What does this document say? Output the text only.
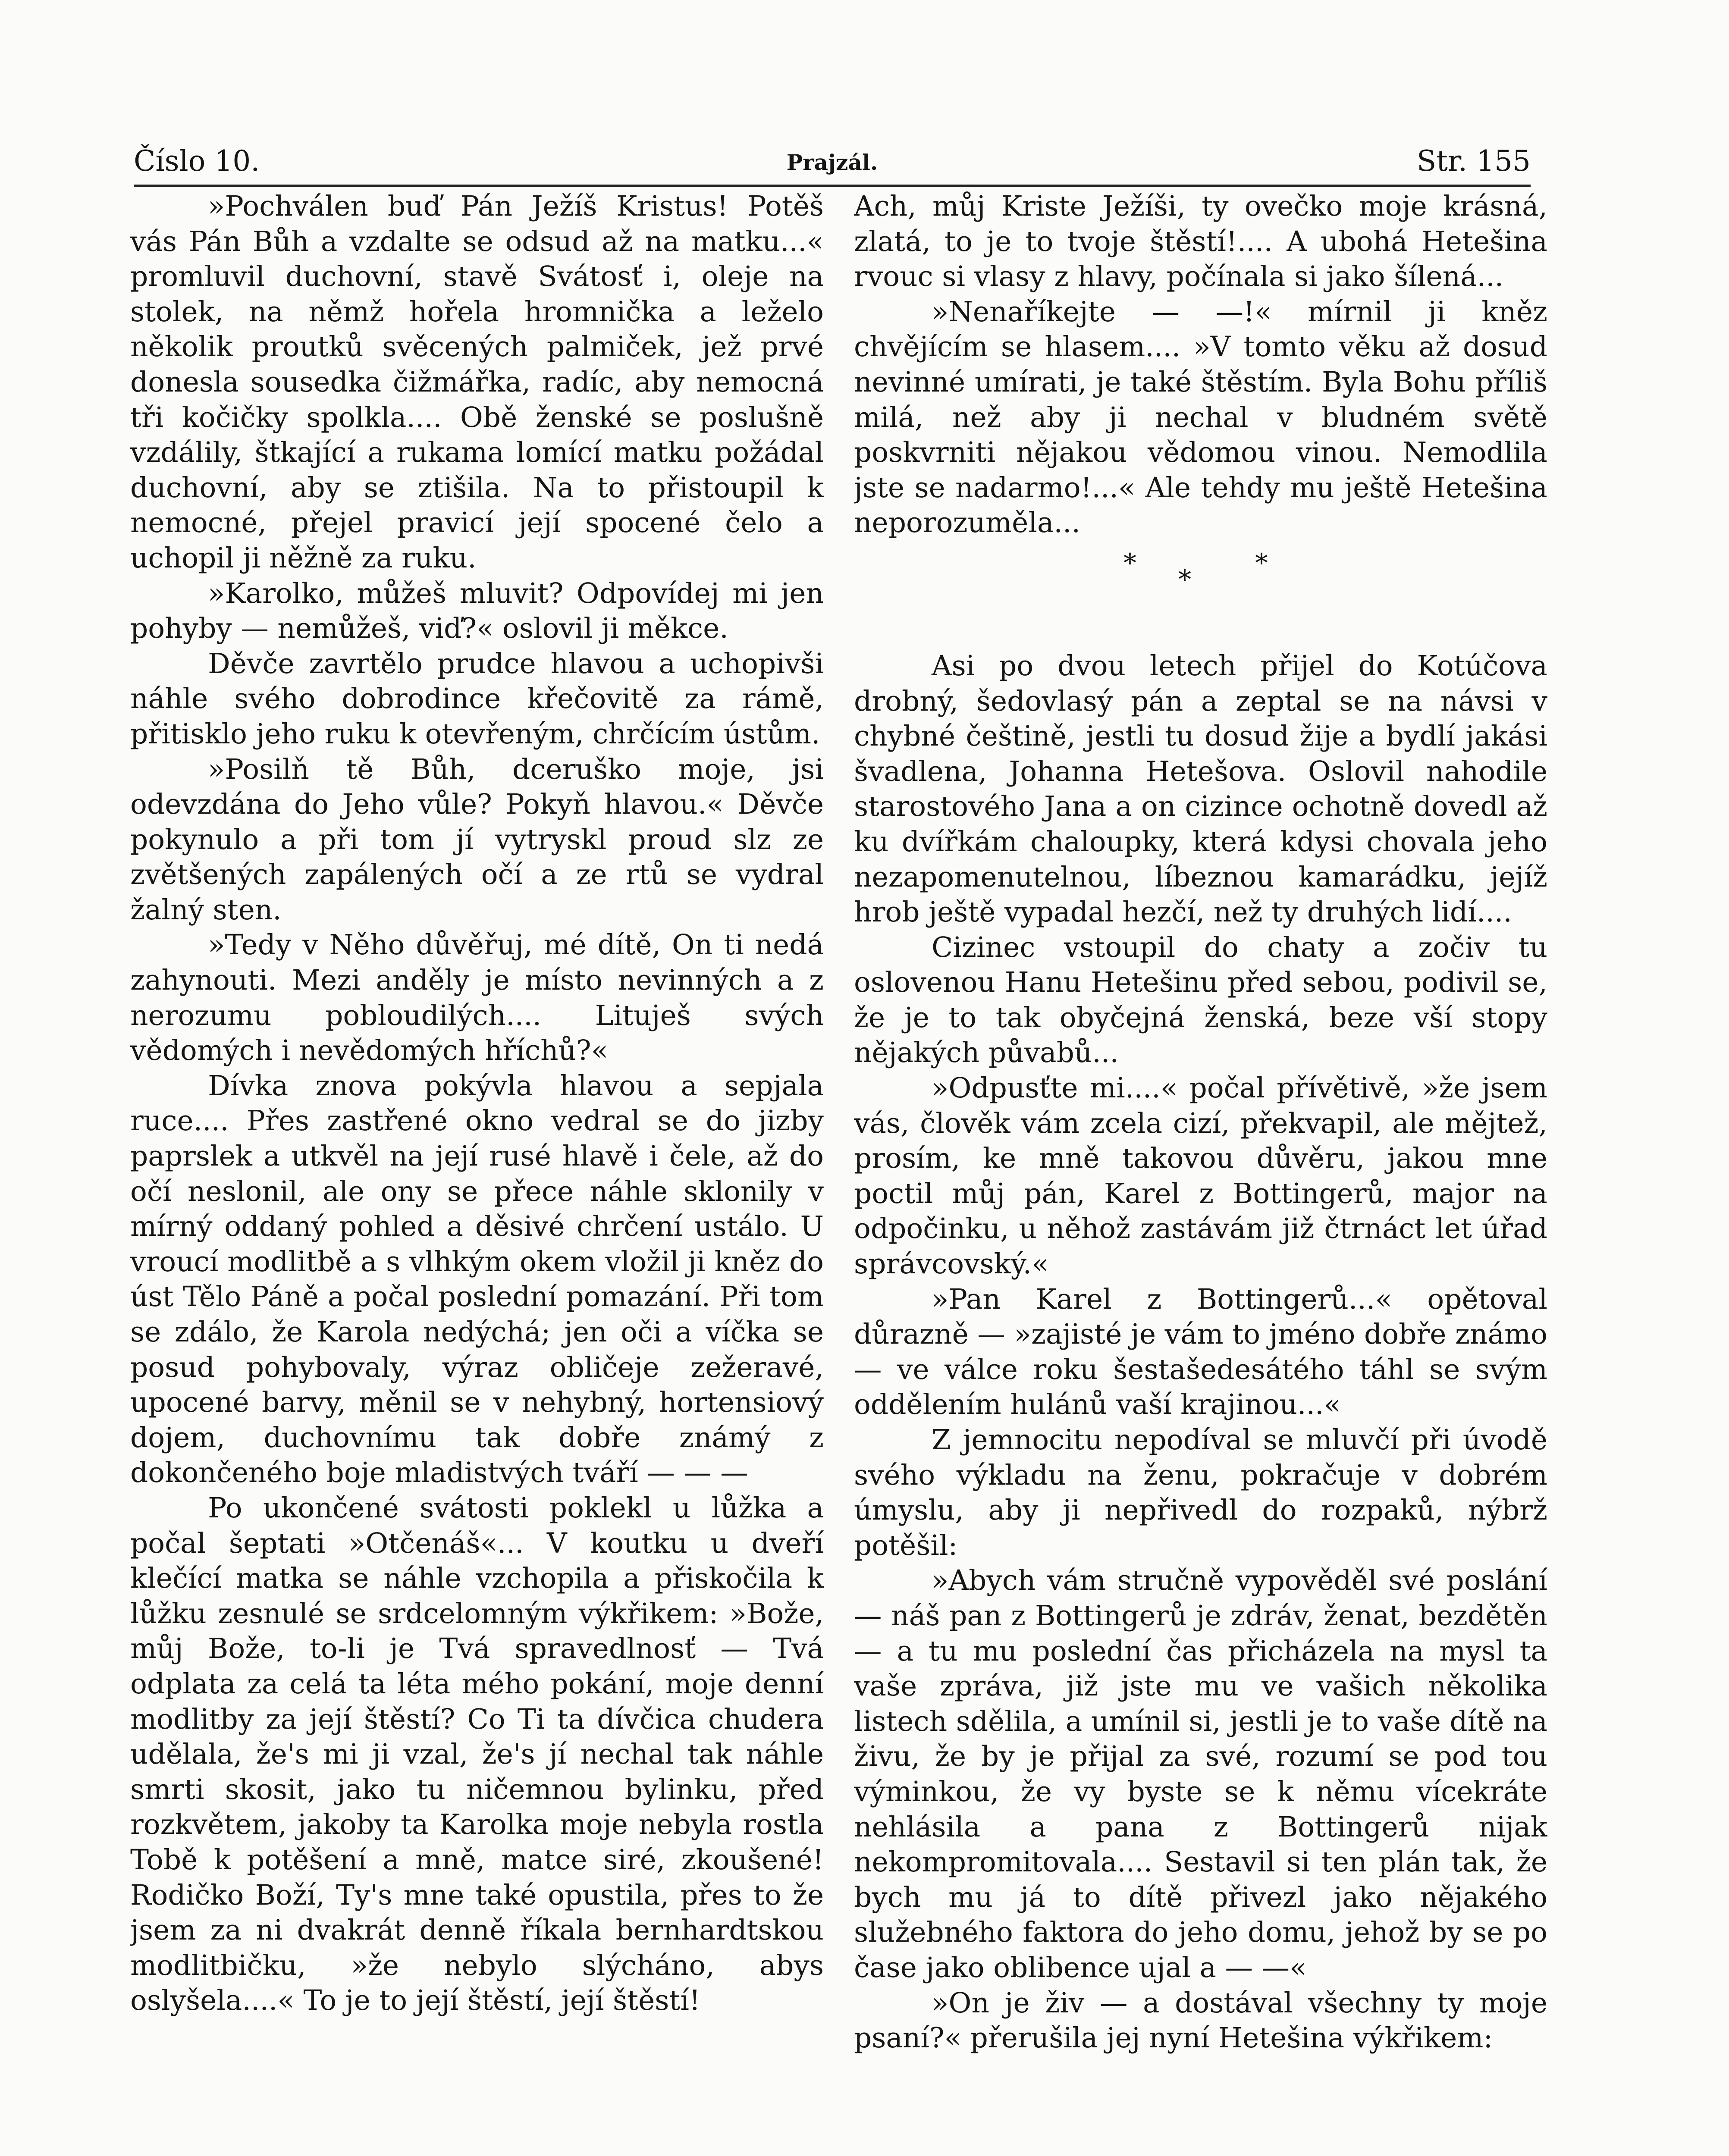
Číslo 10.	Prajzál.	Str. 155

»Pochválen buď Pán Ježíš Kristus! Potěš vás Pán Bůh a vzdalte se odsud až na matku...« promluvil duchovní, stavě Svátosť i, oleje na stolek, na němž hořela hromnička a leželo několik proutků svěcených palmiček, jež prvé donesla sousedka čižmářka, radíc, aby nemocná tři kočičky spolkla.... Obě ženské se poslušně vzdálily, štkající a rukama lomící matku požádal duchovní, aby se ztišila. Na to přistoupil k nemocné, přejel pravicí její spocené čelo a uchopil ji něžně za ruku.

»Karolko, můžeš mluvit? Odpovídej mi jen pohyby — nemůžeš, viď?« oslovil ji měkce.

Děvče zavrtělo prudce hlavou a uchopivši náhle svého dobrodince křečovitě za rámě, přitisklo jeho ruku k otevřeným, chrčícím ústům.

»Posilň tě Bůh, dceruško moje, jsi odevzdána do Jeho vůle? Pokyň hlavou.« Děvče pokynulo a při tom jí vytryskl proud slz ze zvětšených zapálených očí a ze rtů se vydral žalný sten.

»Tedy v Něho důvěřuj, mé dítě, On ti nedá zahynouti. Mezi anděly je místo nevinných a z nerozumu pobloudilých.... Lituješ svých vědomých i nevědomých hříchů?«

Dívka znova pokývla hlavou a sepjala ruce.... Přes zastřené okno vedral se do jizby paprslek a utkvěl na její rusé hlavě i čele, až do očí neslonil, ale ony se přece náhle sklonily v mírný oddaný pohled a děsivé chrčení ustálo. U vroucí modlitbě a s vlhkým okem vložil ji kněz do úst Tělo Páně a počal poslední pomazání. Při tom se zdálo, že Karola nedýchá; jen oči a víčka se posud pohybovaly, výraz obličeje zežeravé, upocené barvy, měnil se v nehybný, hortensiový dojem, duchovnímu tak dobře známý z dokončeného boje mladistvých tváří — — —

Po ukončené svátosti poklekl u lůžka a počal šeptati »Otčenáš«... V koutku u dveří klečící matka se náhle vzchopila a přiskočila k lůžku zesnulé se srdcelomným výkřikem: »Bože, můj Bože, to-li je Tvá spravedlnosť — Tvá odplata za celá ta léta mého pokání, moje denní modlitby za její štěstí? Co Ti ta dívčica chudera udělala, že's mi ji vzal, že's jí nechal tak náhle smrti skosit, jako tu ničemnou bylinku, před rozkvětem, jakoby ta Karolka moje nebyla rostla Tobě k potěšení a mně, matce siré, zkoušené! Rodičko Boží, Ty's mne také opustila, přes to že jsem za ni dvakrát denně říkala bernhardtskou modlitbičku, »že nebylo slýcháno, abys oslyšela....« To je to její štěstí, její štěstí!

Ach, můj Kriste Ježíši, ty ovečko moje krásná, zlatá, to je to tvoje štěstí!.... A ubohá Hetešina rvouc si vlasy z hlavy, počínala si jako šílená...

»Nenaříkejte — —!« mírnil ji kněz chvějícím se hlasem.... »V tomto věku až dosud nevinné umírati, je také štěstím. Byla Bohu příliš milá, než aby ji nechal v bludném světě poskvrniti nějakou vědomou vinou. Nemodlila jste se nadarmo!...« Ale tehdy mu ještě Hetešina neporozuměla...

*
*
*

Asi po dvou letech přijel do Kotúčova drobný, šedovlasý pán a zeptal se na návsi v chybné češtině, jestli tu dosud žije a bydlí jakási švadlena, Johanna Hetešova. Oslovil nahodile starostového Jana a on cizince ochotně dovedl až ku dvířkám chaloupky, která kdysi chovala jeho nezapomenutelnou, líbeznou kamarádku, jejíž hrob ještě vypadal hezčí, než ty druhých lidí....

Cizinec vstoupil do chaty a zočiv tu oslovenou Hanu Hetešinu před sebou, podivil se, že je to tak obyčejná ženská, beze vší stopy nějakých půvabů...

»Odpusťte mi....« počal přívětivě, »že jsem vás, člověk vám zcela cizí, překvapil, ale mějtež, prosím, ke mně takovou důvěru, jakou mne poctil můj pán, Karel z Bottingerů, major na odpočinku, u něhož zastávám již čtrnáct let úřad správcovský.«

»Pan Karel z Bottingerů...« opětoval důrazně — »zajisté je vám to jméno dobře známo — ve válce roku šestašedesátého táhl se svým oddělením hulánů vaší krajinou...«

Z jemnocitu nepodíval se mluvčí při úvodě svého výkladu na ženu, pokračuje v dobrém úmyslu, aby ji nepřivedl do rozpaků, nýbrž potěšil:

»Abych vám stručně vypověděl své poslání — náš pan z Bottingerů je zdráv, ženat, bezdětěn — a tu mu poslední čas přicházela na mysl ta vaše zpráva, již jste mu ve vašich několika listech sdělila, a umínil si, jestli je to vaše dítě na živu, že by je přijal za své, rozumí se pod tou výminkou, že vy byste se k němu vícekráte nehlásila a pana z Bottingerů nijak nekompromitovala.... Sestavil si ten plán tak, že bych mu já to dítě přivezl jako nějakého služebného faktora do jeho domu, jehož by se po čase jako oblibence ujal a — —«

»On je živ — a dostával všechny ty moje psaní?« přerušila jej nyní Hetešina výkřikem:
